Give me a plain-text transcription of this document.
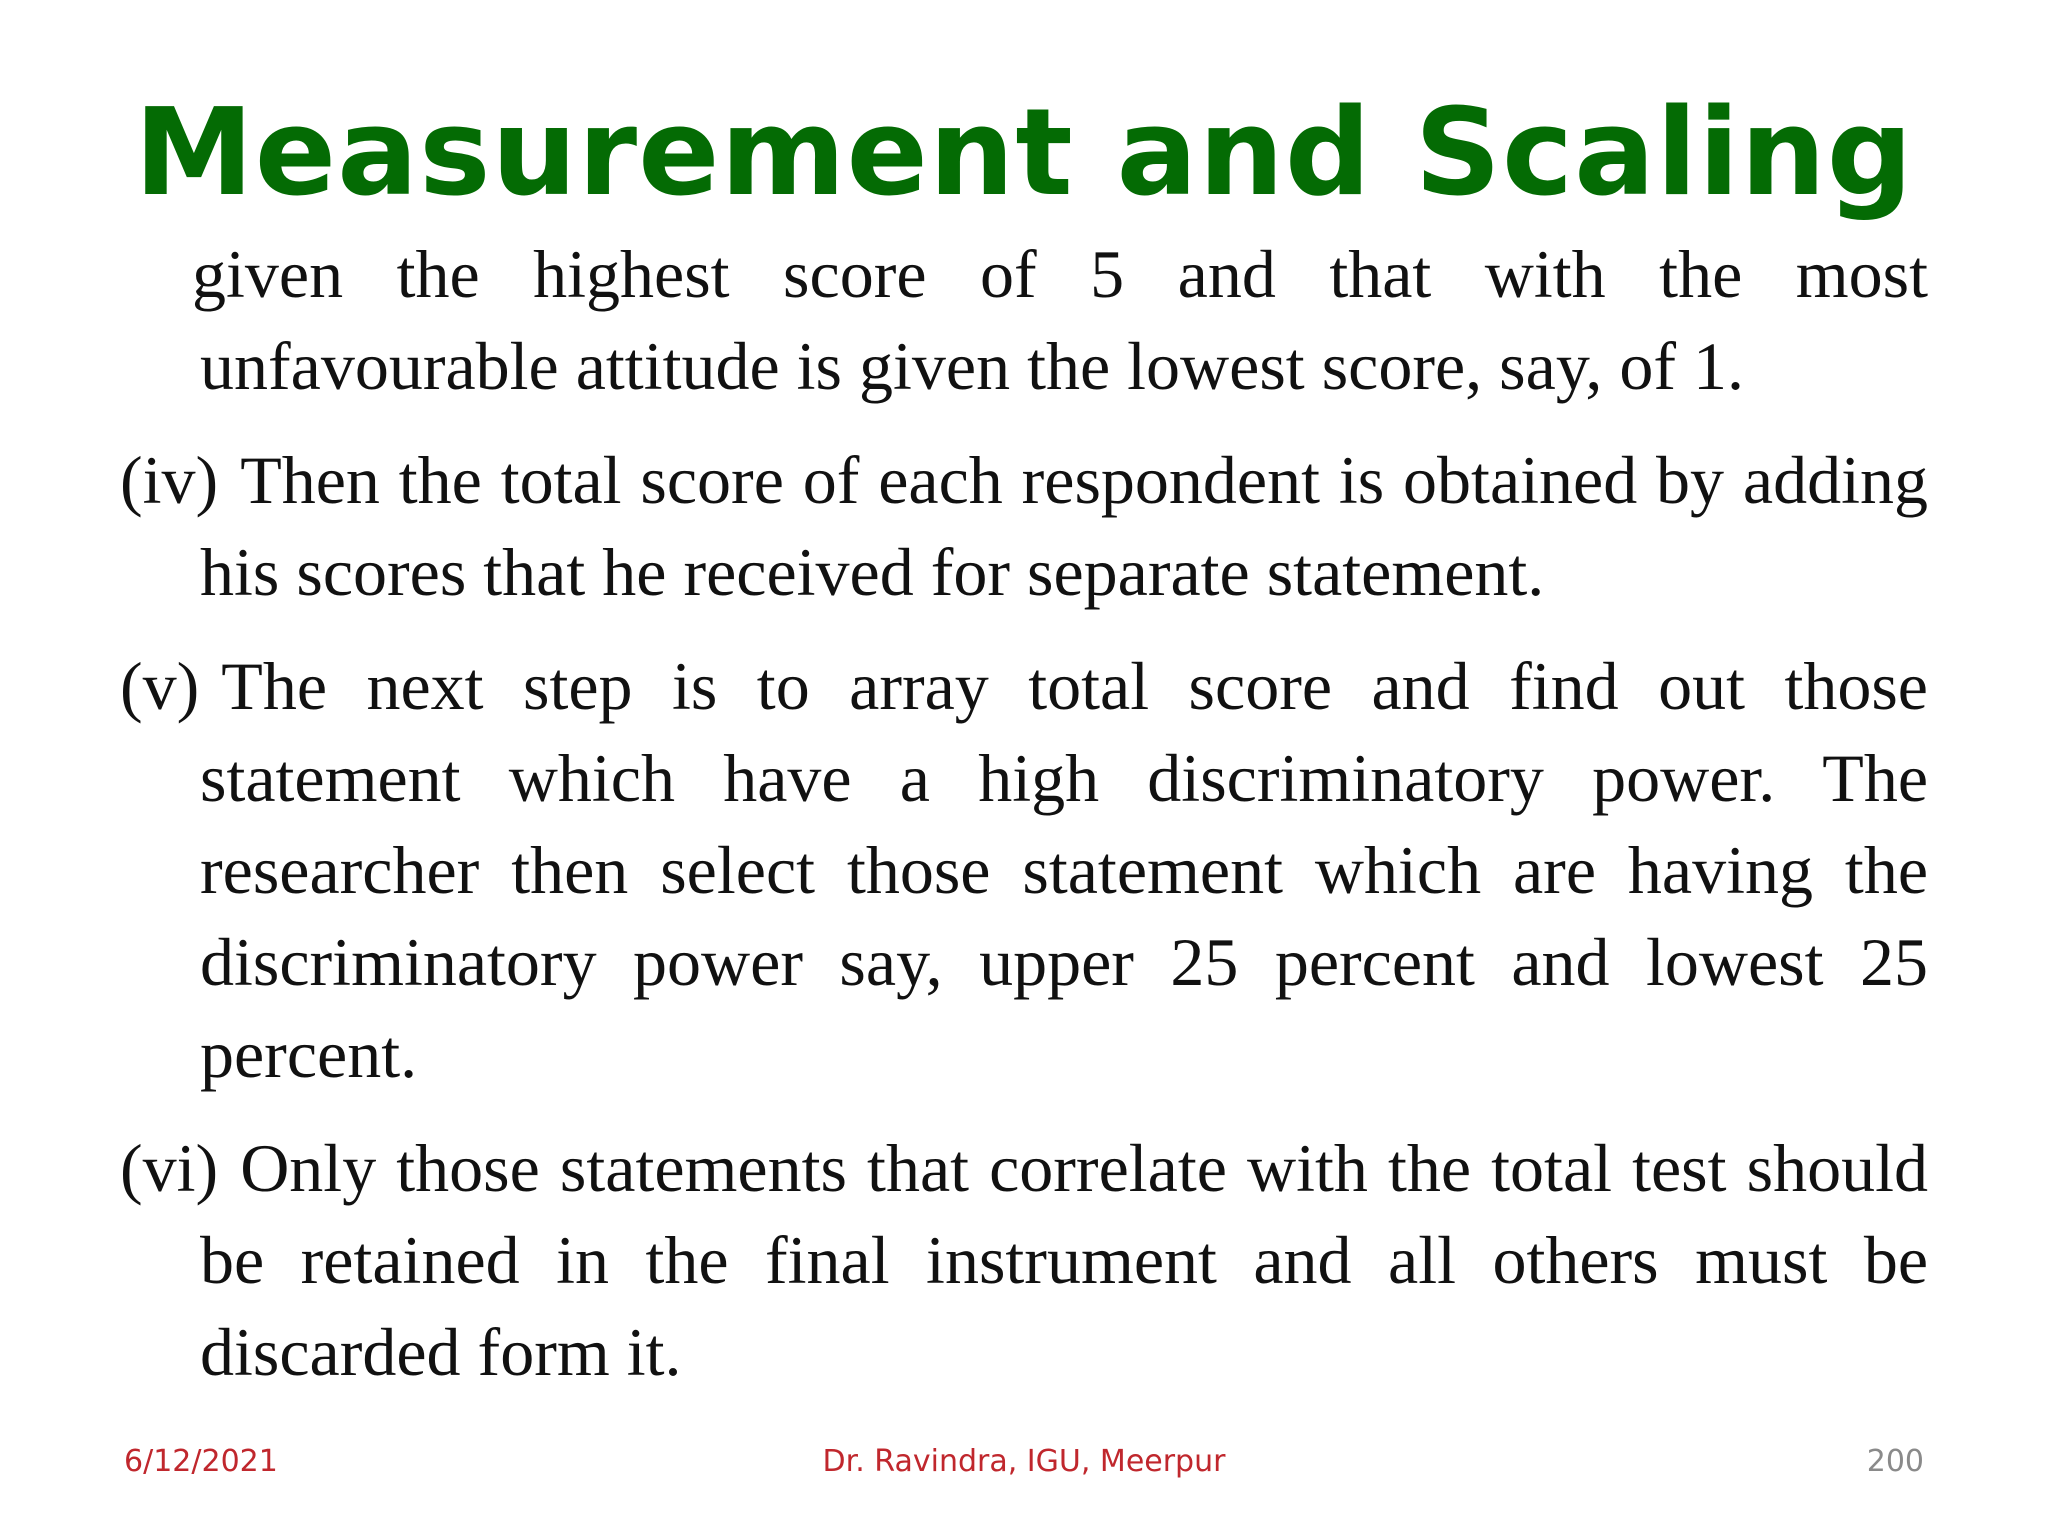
Measurement and Scaling

given the highest score of 5 and that with the most unfavourable attitude is given the lowest score, say, of 1.

(iv) Then the total score of each respondent is obtained by adding his scores that he received for separate statement.

(v) The next step is to array total score and find out those statement which have a high discriminatory power. The researcher then select those statement which are having the discriminatory power say, upper 25 percent and lowest 25 percent.

(vi) Only those statements that correlate with the total test should be retained in the final instrument and all others must be discarded form it.

6/12/2021	Dr. Ravindra, IGU, Meerpur	200
